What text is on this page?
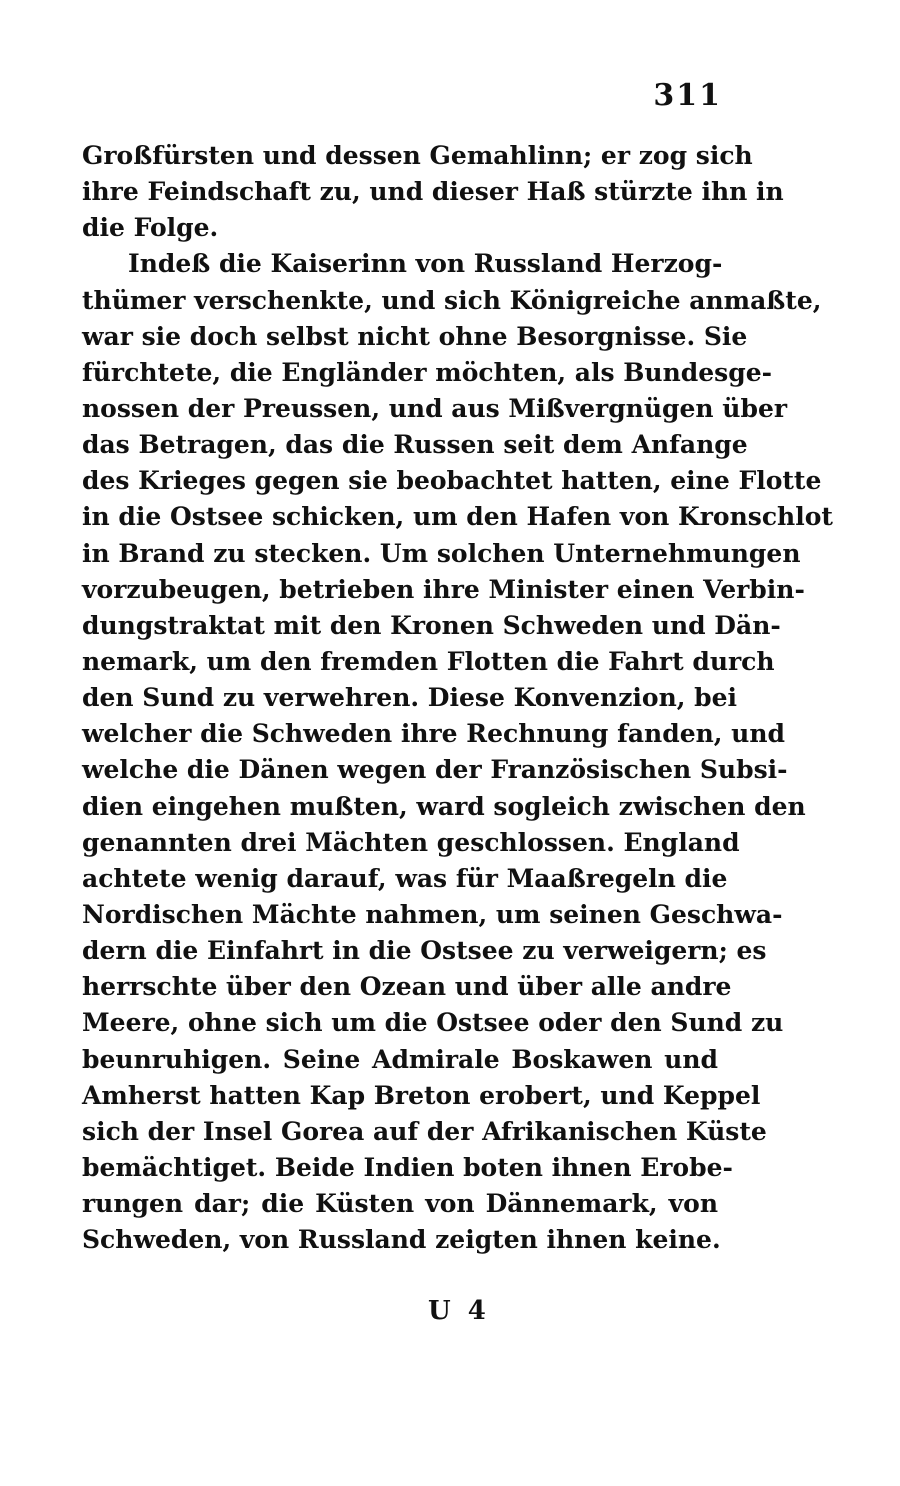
311
Großfürsten und dessen Gemahlinn; er zog sich
ihre Feindschaft zu, und dieser Haß stürzte ihn in
die Folge.
Indeß die Kaiserinn von Russland Herzog-
thümer verschenkte, und sich Königreiche anmaßte,
war sie doch selbst nicht ohne Besorgnisse. Sie
fürchtete, die Engländer möchten, als Bundesge-
nossen der Preussen, und aus Mißvergnügen über
das Betragen, das die Russen seit dem Anfange
des Krieges gegen sie beobachtet hatten, eine Flotte
in die Ostsee schicken, um den Hafen von Kronschlot
in Brand zu stecken. Um solchen Unternehmungen
vorzubeugen, betrieben ihre Minister einen Verbin-
dungstraktat mit den Kronen Schweden und Dän-
nemark, um den fremden Flotten die Fahrt durch
den Sund zu verwehren. Diese Konvenzion, bei
welcher die Schweden ihre Rechnung fanden, und
welche die Dänen wegen der Französischen Subsi-
dien eingehen mußten, ward sogleich zwischen den
genannten drei Mächten geschlossen. England
achtete wenig darauf, was für Maaßregeln die
Nordischen Mächte nahmen, um seinen Geschwa-
dern die Einfahrt in die Ostsee zu verweigern; es
herrschte über den Ozean und über alle andre
Meere, ohne sich um die Ostsee oder den Sund zu
beunruhigen. Seine Admirale Boskawen und
Amherst hatten Kap Breton erobert, und Keppel
sich der Insel Gorea auf der Afrikanischen Küste
bemächtiget. Beide Indien boten ihnen Erobe-
rungen dar; die Küsten von Dännemark, von
Schweden, von Russland zeigten ihnen keine.
U 4
